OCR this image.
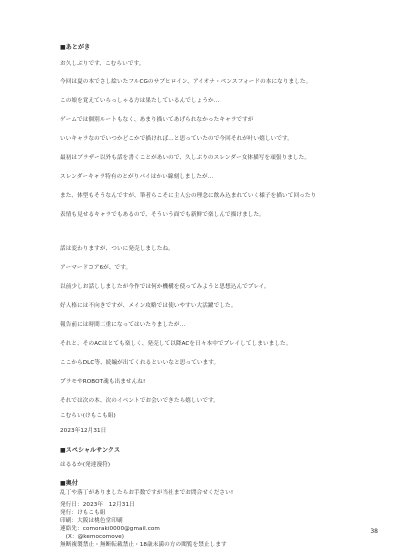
■あとがき
お久しぶりです、こむらいです。
今回は夏の本でさし絵いたフルCGのサブヒロイン、アイオナ・ペンスフォードの本になりました。
この娘を覚えていらっしゃる方は果たしているんでしょうか…
ゲームでは個別ルートもなく、あまり描いてあげられなかったキャラですが
いいキャラなのでいつかどこかで描ければ…と思っていたので今回それが叶い嬉しいです。
最初はブラザー以外も話を書くことがあいので、久しぶりのスレンダー女体描写を頑張りました。
スレンダーキャラ特有のとがりパイはかい線刻しましたが…
また、体型もそうなんですが、筆者らこそに主人公の理念に飲み込まれていく様子を描いて回ったり
表情も見せるキャラでもあるので、そういう面でも新鮮で楽しんで描けました。
話は変わりますが、ついに発売しましたね。
アーマードコア6が、です。
以前少しお話ししましたが今作では何か機構を使ってみようと思想込んでプレイ。
好人格には不向きですが、メイン攻略では使いやすい大活躍でした。
報告前には時間二重になってはいたりましたが…
それと、そのACはとても楽しく、発売して以降ACを日々本中でプレイしてしまいました。
ここからDLC等、続編が出てくれるといいなと思っています。
プラモやROBOT魂も出ませんね!
それでは次の本、次のイベントでお会いできたら嬉しいです。
こむらい(けもこも組)
2023年12月31日
■スペシャルサンクス
はるるか(発達漫符)
■奥付
乱丁や落丁がありましたらお手数ですが当社までお問合せください!
発行日：2023年　12月31日
発行：けもこも組
印刷：大阪は桃色堂印刷
連絡先：comoraki0000@gmail.com
　(X：@kemocomove)
無断複製禁止・無断転載禁止・18歳未満の方の閲覧を禁止します
38
